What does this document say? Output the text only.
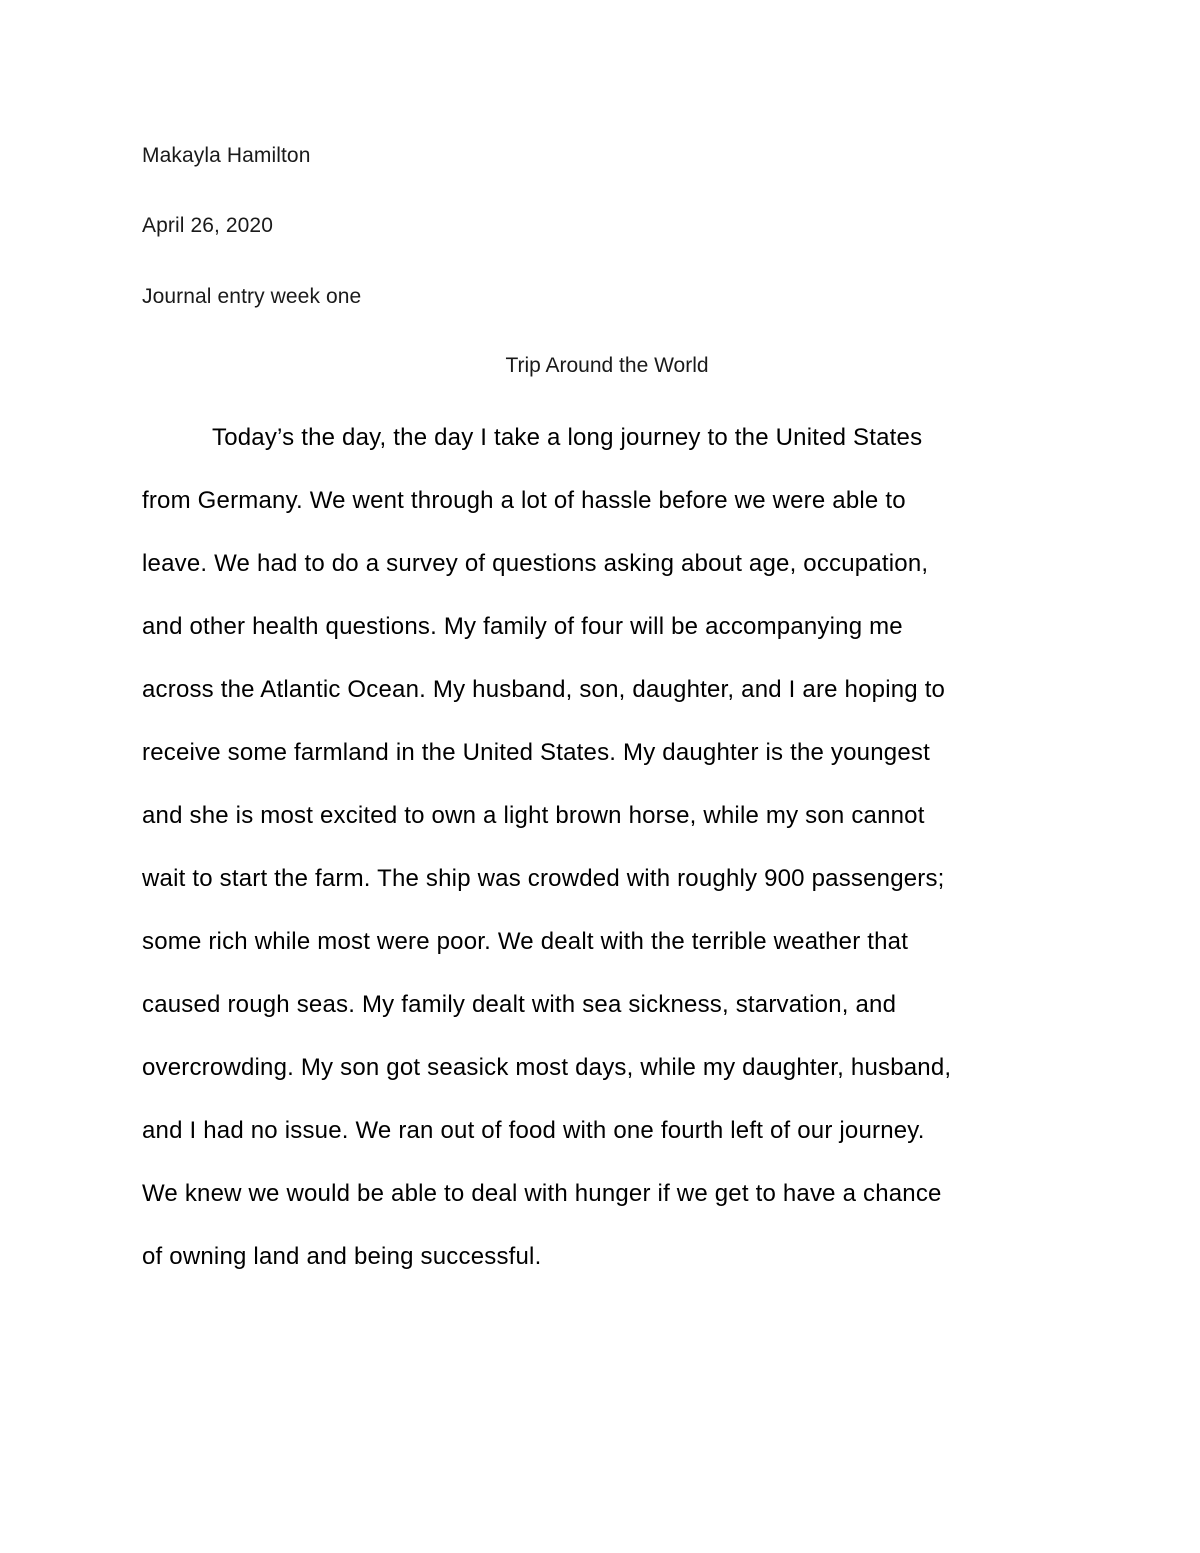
Makayla Hamilton
April 26, 2020
Journal entry week one
Trip Around the World
Today’s the day, the day I take a long journey to the United States
from Germany. We went through a lot of hassle before we were able to
leave. We had to do a survey of questions asking about age, occupation,
and other health questions. My family of four will be accompanying me
across the Atlantic Ocean. My husband, son, daughter, and I are hoping to
receive some farmland in the United States. My daughter is the youngest
and she is most excited to own a light brown horse, while my son cannot
wait to start the farm. The ship was crowded with roughly 900 passengers;
some rich while most were poor. We dealt with the terrible weather that
caused rough seas. My family dealt with sea sickness, starvation, and
overcrowding. My son got seasick most days, while my daughter, husband,
and I had no issue. We ran out of food with one fourth left of our journey.
We knew we would be able to deal with hunger if we get to have a chance
of owning land and being successful.
